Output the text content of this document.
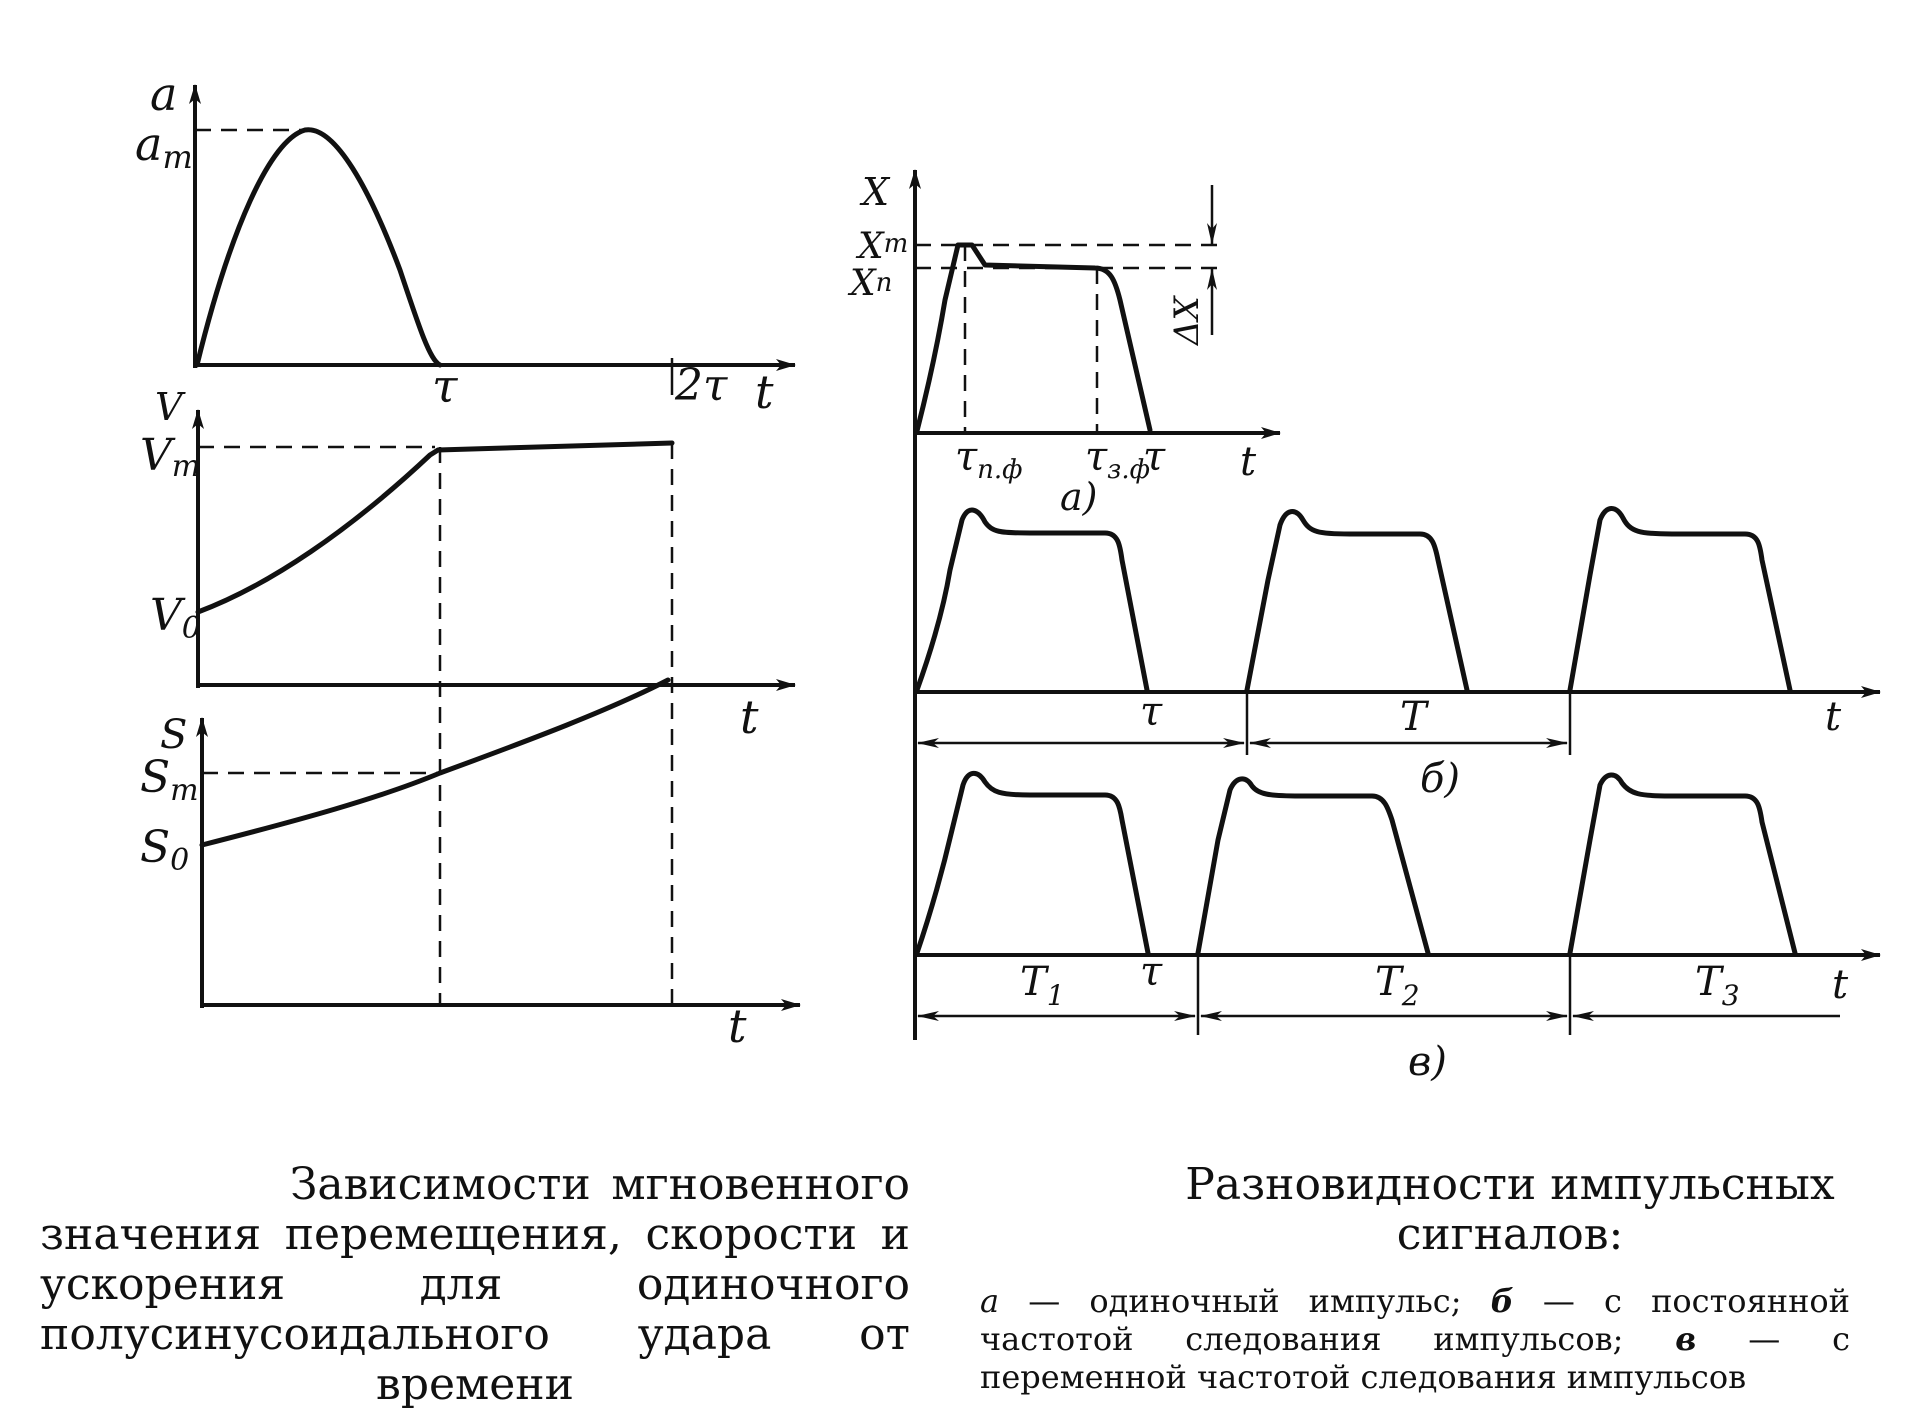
a
am
τ	2τ t
V
Vm
V0
t
S
Sm
S0
t
X
Xm
Xп
ΔX
$\tau_{п.ф}$ $\tau_{з.ф}$
τ t
а)
τ	T	t
б)
$T_1$
τ	$T_2$	$T_3$ t
в)

Зависимости мгновенного значения перемещения, скорости и ускорения для одиночного полусинусоидального удара от времени

Разновидности импульсных сигналов:

а — одиночный импульс; б — с постоянной частотой следования импульсов; в — с переменной частотой следования импульсов
